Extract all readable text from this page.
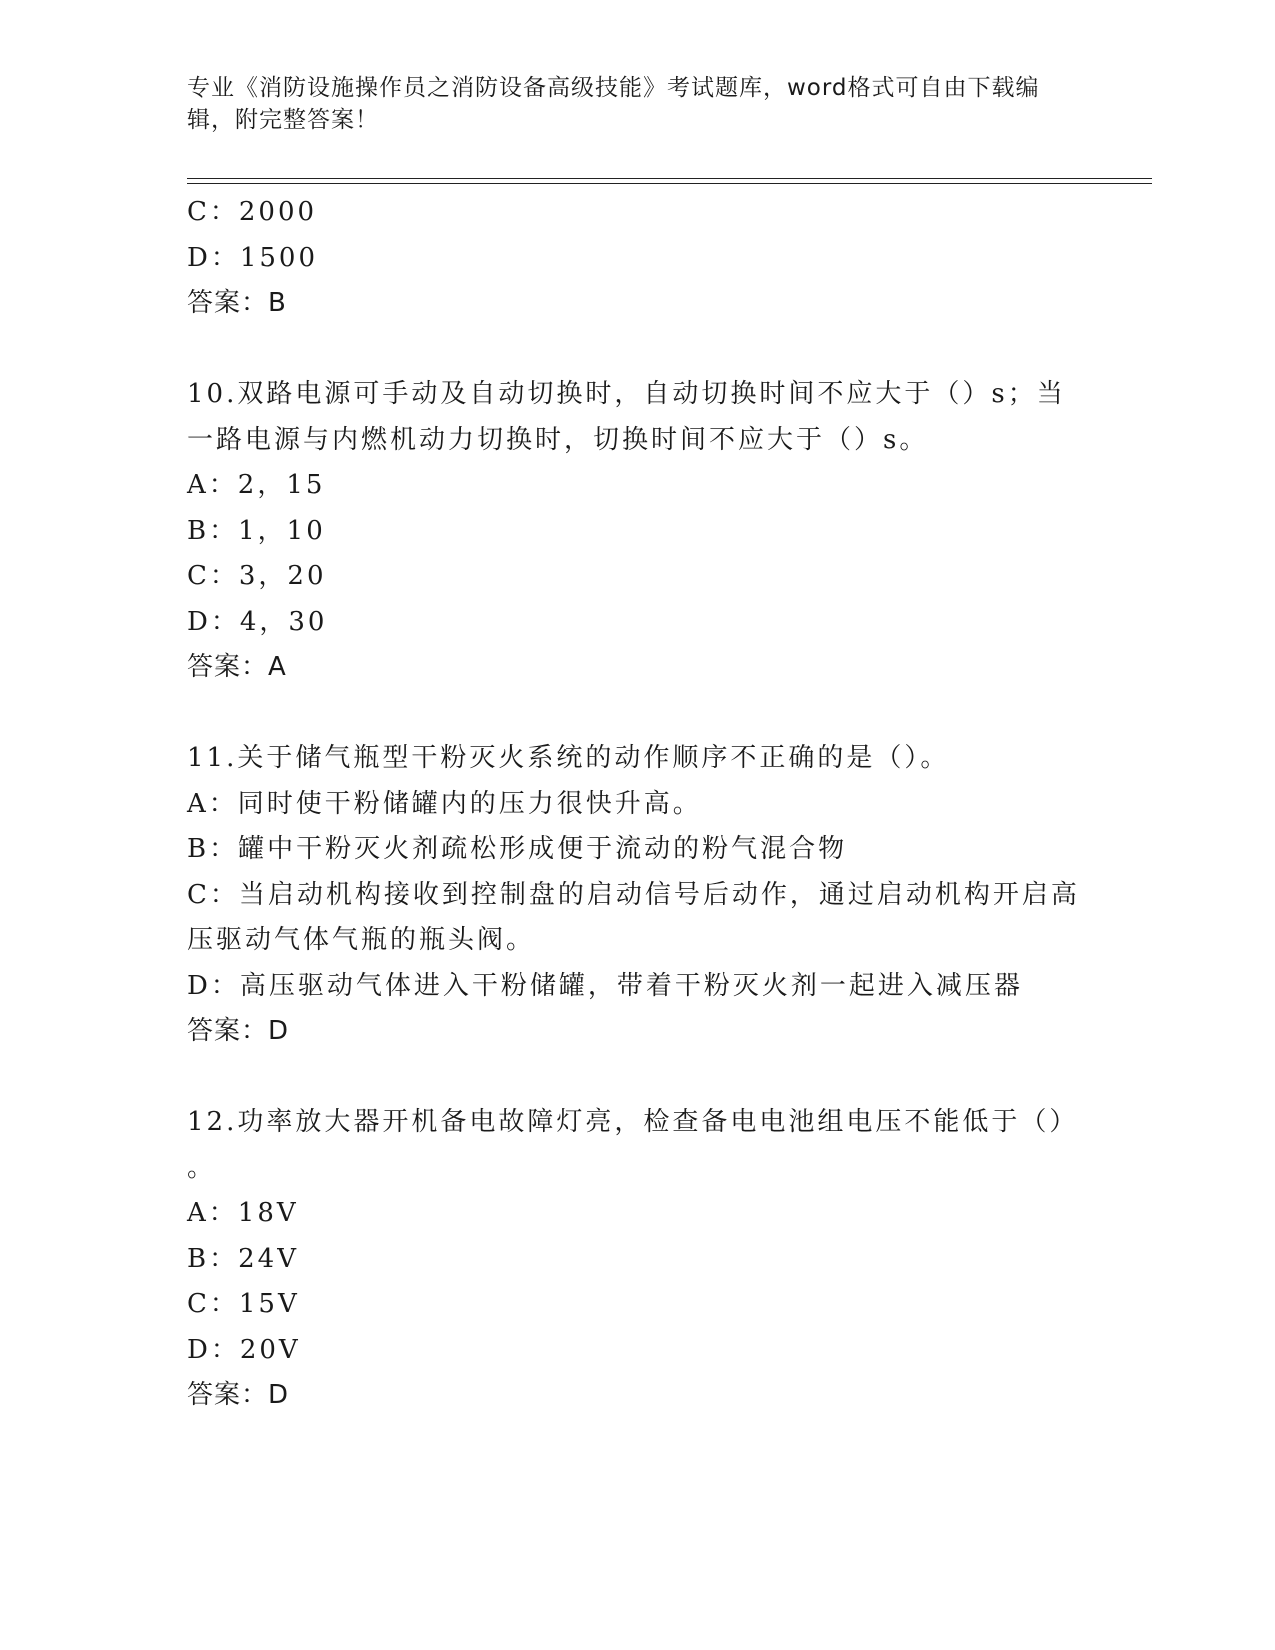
专业《消防设施操作员之消防设备高级技能》考试题库，word格式可自由下载编
辑，附完整答案！
C：2000
D：1500
答案：B
10.双路电源可手动及自动切换时，自动切换时间不应大于（）s；当
一路电源与内燃机动力切换时，切换时间不应大于（）s。
A：2，15
B：1，10
C：3，20
D：4，30
答案：A
11.关于储气瓶型干粉灭火系统的动作顺序不正确的是（）。
A：同时使干粉储罐内的压力很快升高。
B：罐中干粉灭火剂疏松形成便于流动的粉气混合物
C：当启动机构接收到控制盘的启动信号后动作，通过启动机构开启高
压驱动气体气瓶的瓶头阀。
D：高压驱动气体进入干粉储罐，带着干粉灭火剂一起进入减压器
答案：D
12.功率放大器开机备电故障灯亮，检查备电电池组电压不能低于（）
。
A：18V
B：24V
C：15V
D：20V
答案：D
